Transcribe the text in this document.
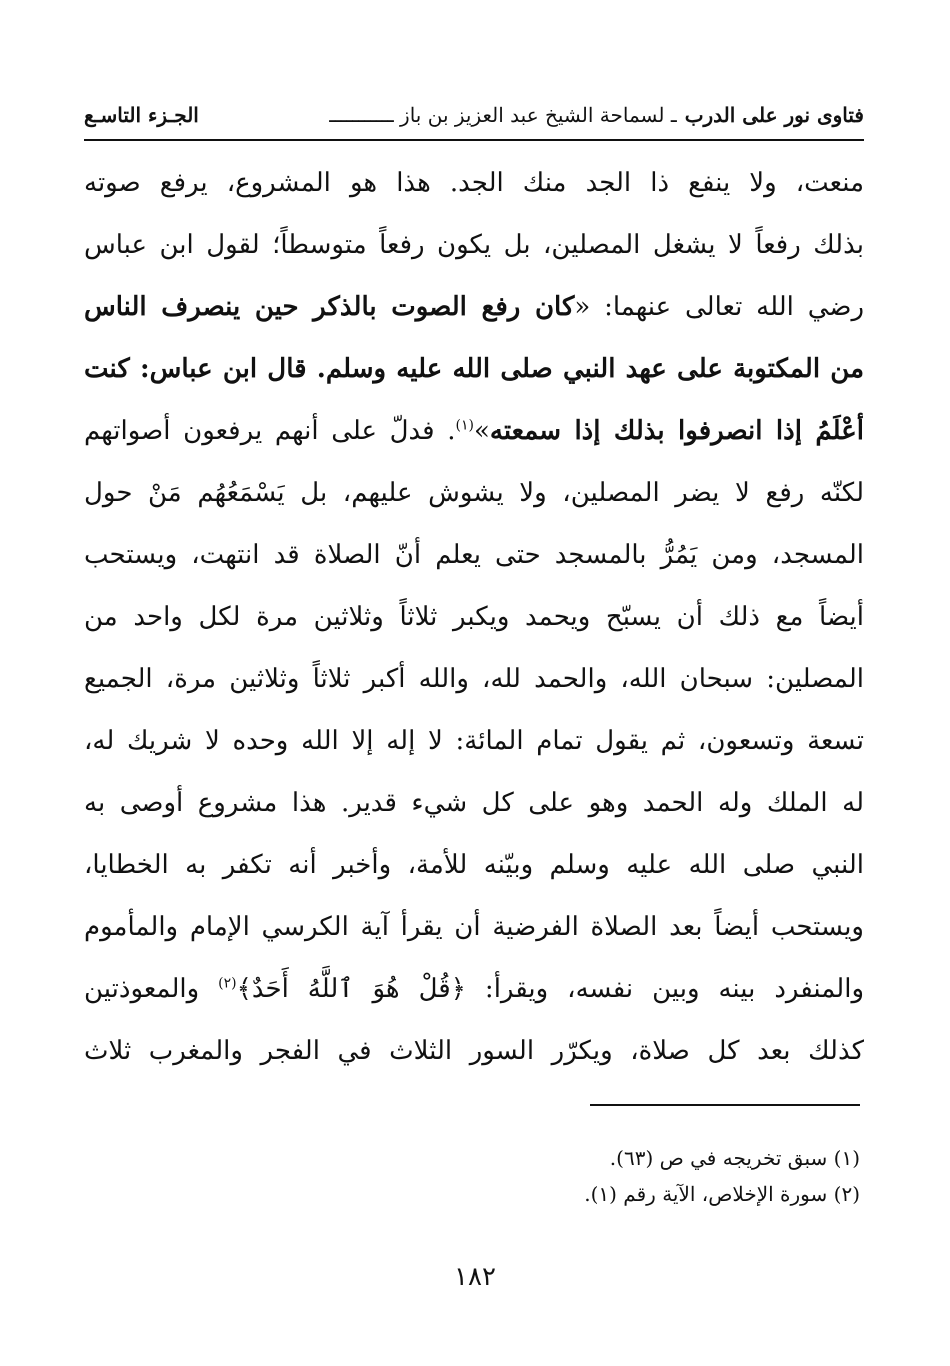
فتاوى نور على الدرب
ـ لسماحة الشيخ عبد العزيز بن باز ـــــــــــ
الجـزء التاسـع
منعت، ولا ينفع ذا الجد منك الجد. هذا هو المشروع، يرفع صوته
بذلك رفعاً لا يشغل المصلين، بل يكون رفعاً متوسطاً؛ لقول ابن عباس
رضي الله تعالى عنهما: «كان رفع الصوت بالذكر حين ينصرف الناس
من المكتوبة على عهد النبي صلى الله عليه وسلم. قال ابن عباس: كنت
أعْلَمُ إذا انصرفوا بذلك إذا سمعته»$^{(١)}$. فدلّ على أنهم يرفعون أصواتهم
لكنّه رفع لا يضر المصلين، ولا يشوش عليهم، بل يَسْمَعُهُم مَنْ حول
المسجد، ومن يَمُرُّ بالمسجد حتى يعلم أنّ الصلاة قد انتهت، ويستحب
أيضاً مع ذلك أن يسبّح ويحمد ويكبر ثلاثاً وثلاثين مرة لكل واحد من
المصلين: سبحان الله، والحمد لله، والله أكبر ثلاثاً وثلاثين مرة، الجميع
تسعة وتسعون، ثم يقول تمام المائة: لا إله إلا الله وحده لا شريك له،
له الملك وله الحمد وهو على كل شيء قدير. هذا مشروع أوصى به
النبي صلى الله عليه وسلم وبيّنه للأمة، وأخبر أنه تكفر به الخطايا،
ويستحب أيضاً بعد الصلاة الفرضية أن يقرأ آية الكرسي الإمام والمأموم
والمنفرد بينه وبين نفسه، ويقرأ: ﴿قُلْ هُوَ ٱللَّهُ أَحَدٌ﴾$^{(٢)}$ والمعوذتين
كذلك بعد كل صلاة، ويكرّر السور الثلاث في الفجر والمغرب ثلاث
(١) سبق تخريجه في ص (٦٣).
(٢) سورة الإخلاص، الآية رقم (١).
١٨٢
